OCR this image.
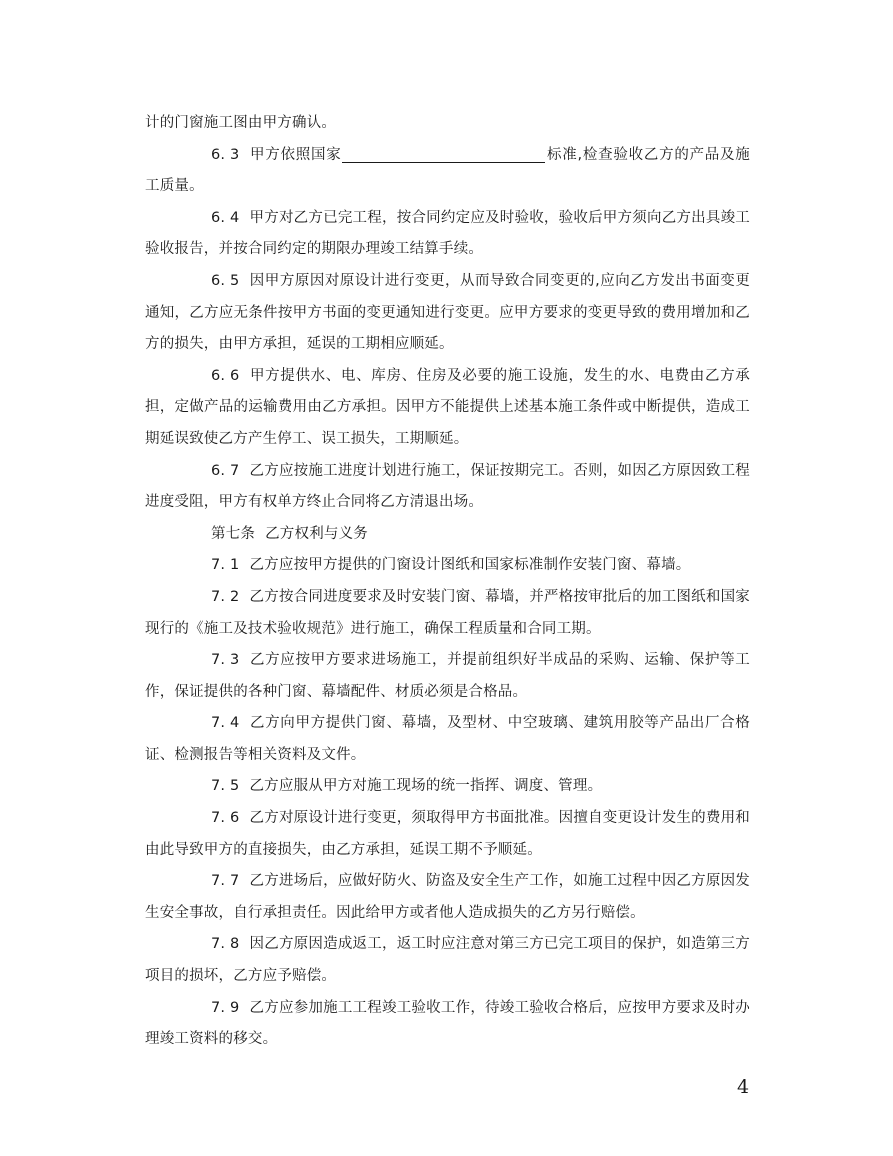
计的门窗施工图由甲方确认。

6. 3 甲方依照国家	标准,检查验收乙方的产品及施工质量。

6. 4 甲方对乙方已完工程，按合同约定应及时验收，验收后甲方须向乙方出具竣工验收报告，并按合同约定的期限办理竣工结算手续。

6. 5 因甲方原因对原设计进行变更，从而导致合同变更的,应向乙方发出书面变更通知，乙方应无条件按甲方书面的变更通知进行变更。应甲方要求的变更导致的费用增加和乙方的损失，由甲方承担，延误的工期相应顺延。

6. 6 甲方提供水、电、库房、住房及必要的施工设施，发生的水、电费由乙方承担，定做产品的运输费用由乙方承担。因甲方不能提供上述基本施工条件或中断提供，造成工期延误致使乙方产生停工、误工损失，工期顺延。

6. 7 乙方应按施工进度计划进行施工，保证按期完工。否则，如因乙方原因致工程进度受阻，甲方有权单方终止合同将乙方清退出场。

第七条 乙方权利与义务

7. 1 乙方应按甲方提供的门窗设计图纸和国家标准制作安装门窗、幕墙。

7. 2 乙方按合同进度要求及时安装门窗、幕墙，并严格按审批后的加工图纸和国家现行的《施工及技术验收规范》进行施工，确保工程质量和合同工期。

7. 3 乙方应按甲方要求进场施工，并提前组织好半成品的采购、运输、保护等工作，保证提供的各种门窗、幕墙配件、材质必须是合格品。

7. 4 乙方向甲方提供门窗、幕墙，及型材、中空玻璃、建筑用胶等产品出厂合格证、检测报告等相关资料及文件。

7. 5 乙方应服从甲方对施工现场的统一指挥、调度、管理。

7. 6 乙方对原设计进行变更，须取得甲方书面批准。因擅自变更设计发生的费用和由此导致甲方的直接损失，由乙方承担，延误工期不予顺延。

7. 7 乙方进场后，应做好防火、防盗及安全生产工作，如施工过程中因乙方原因发生安全事故，自行承担责任。因此给甲方或者他人造成损失的乙方另行赔偿。

7. 8 因乙方原因造成返工，返工时应注意对第三方已完工项目的保护，如造第三方项目的损坏，乙方应予赔偿。

7. 9 乙方应参加施工工程竣工验收工作，待竣工验收合格后，应按甲方要求及时办理竣工资料的移交。

4
